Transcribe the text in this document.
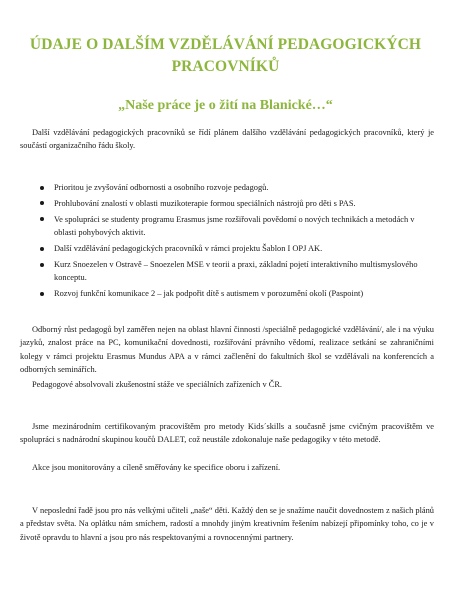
ÚDAJE O DALŠÍM VZDĚLÁVÁNÍ PEDAGOGICKÝCH PRACOVNÍKŮ
„Naše práce je o žití na Blanické…“

Další vzdělávání pedagogických pracovníků se řídí plánem dalšího vzdělávání pedagogických pracovníků, který je součástí organizačního řádu školy.

Prioritou je zvyšování odbornosti a osobního rozvoje pedagogů.
Prohlubování znalostí v oblasti muzikoterapie formou speciálních nástrojů pro děti s PAS.
Ve spolupráci se studenty programu Erasmus jsme rozšiřovali povědomí o nových technikách a metodách v oblasti pohybových aktivit.
Další vzdělávání pedagogických pracovníků v rámci projektu Šablon I OPJ AK.
Kurz Snoezelen v Ostravě – Snoezelen MSE v teorii a praxi, základní pojetí interaktivního multismyslového konceptu.
Rozvoj funkční komunikace 2 – jak podpořit dítě s autismem v porozumění okolí (Paspoint)

Odborný růst pedagogů byl zaměřen nejen na oblast hlavní činnosti /speciálně pedagogické vzdělávání/, ale i na výuku jazyků, znalost práce na PC, komunikační dovednosti, rozšiřování právního vědomí, realizace setkání se zahraničními kolegy v rámci projektu Erasmus Mundus APA a v rámci začlenění do fakultních škol se vzdělávali na konferencích a odborných seminářích.

Pedagogové absolvovali zkušenostní stáže ve speciálních zařízeních v ČR.

Jsme mezinárodním certifikovaným pracovištěm pro metody Kids´skills a současně jsme cvičným pracovištěm ve spolupráci s nadnárodní skupinou koučů DALET, což neustále zdokonaluje naše pedagogiky v této metodě.

Akce jsou monitorovány a cíleně směřovány ke specifice oboru i zařízení.

V neposlední řadě jsou pro nás velkými učiteli „naše“ děti. Každý den se je snažíme naučit dovednostem z našich plánů a představ světa. Na oplátku nám smíchem, radostí a mnohdy jiným kreativním řešením nabízejí připomínky toho, co je v životě opravdu to hlavní a jsou pro nás respektovanými a rovnocennými partnery.
